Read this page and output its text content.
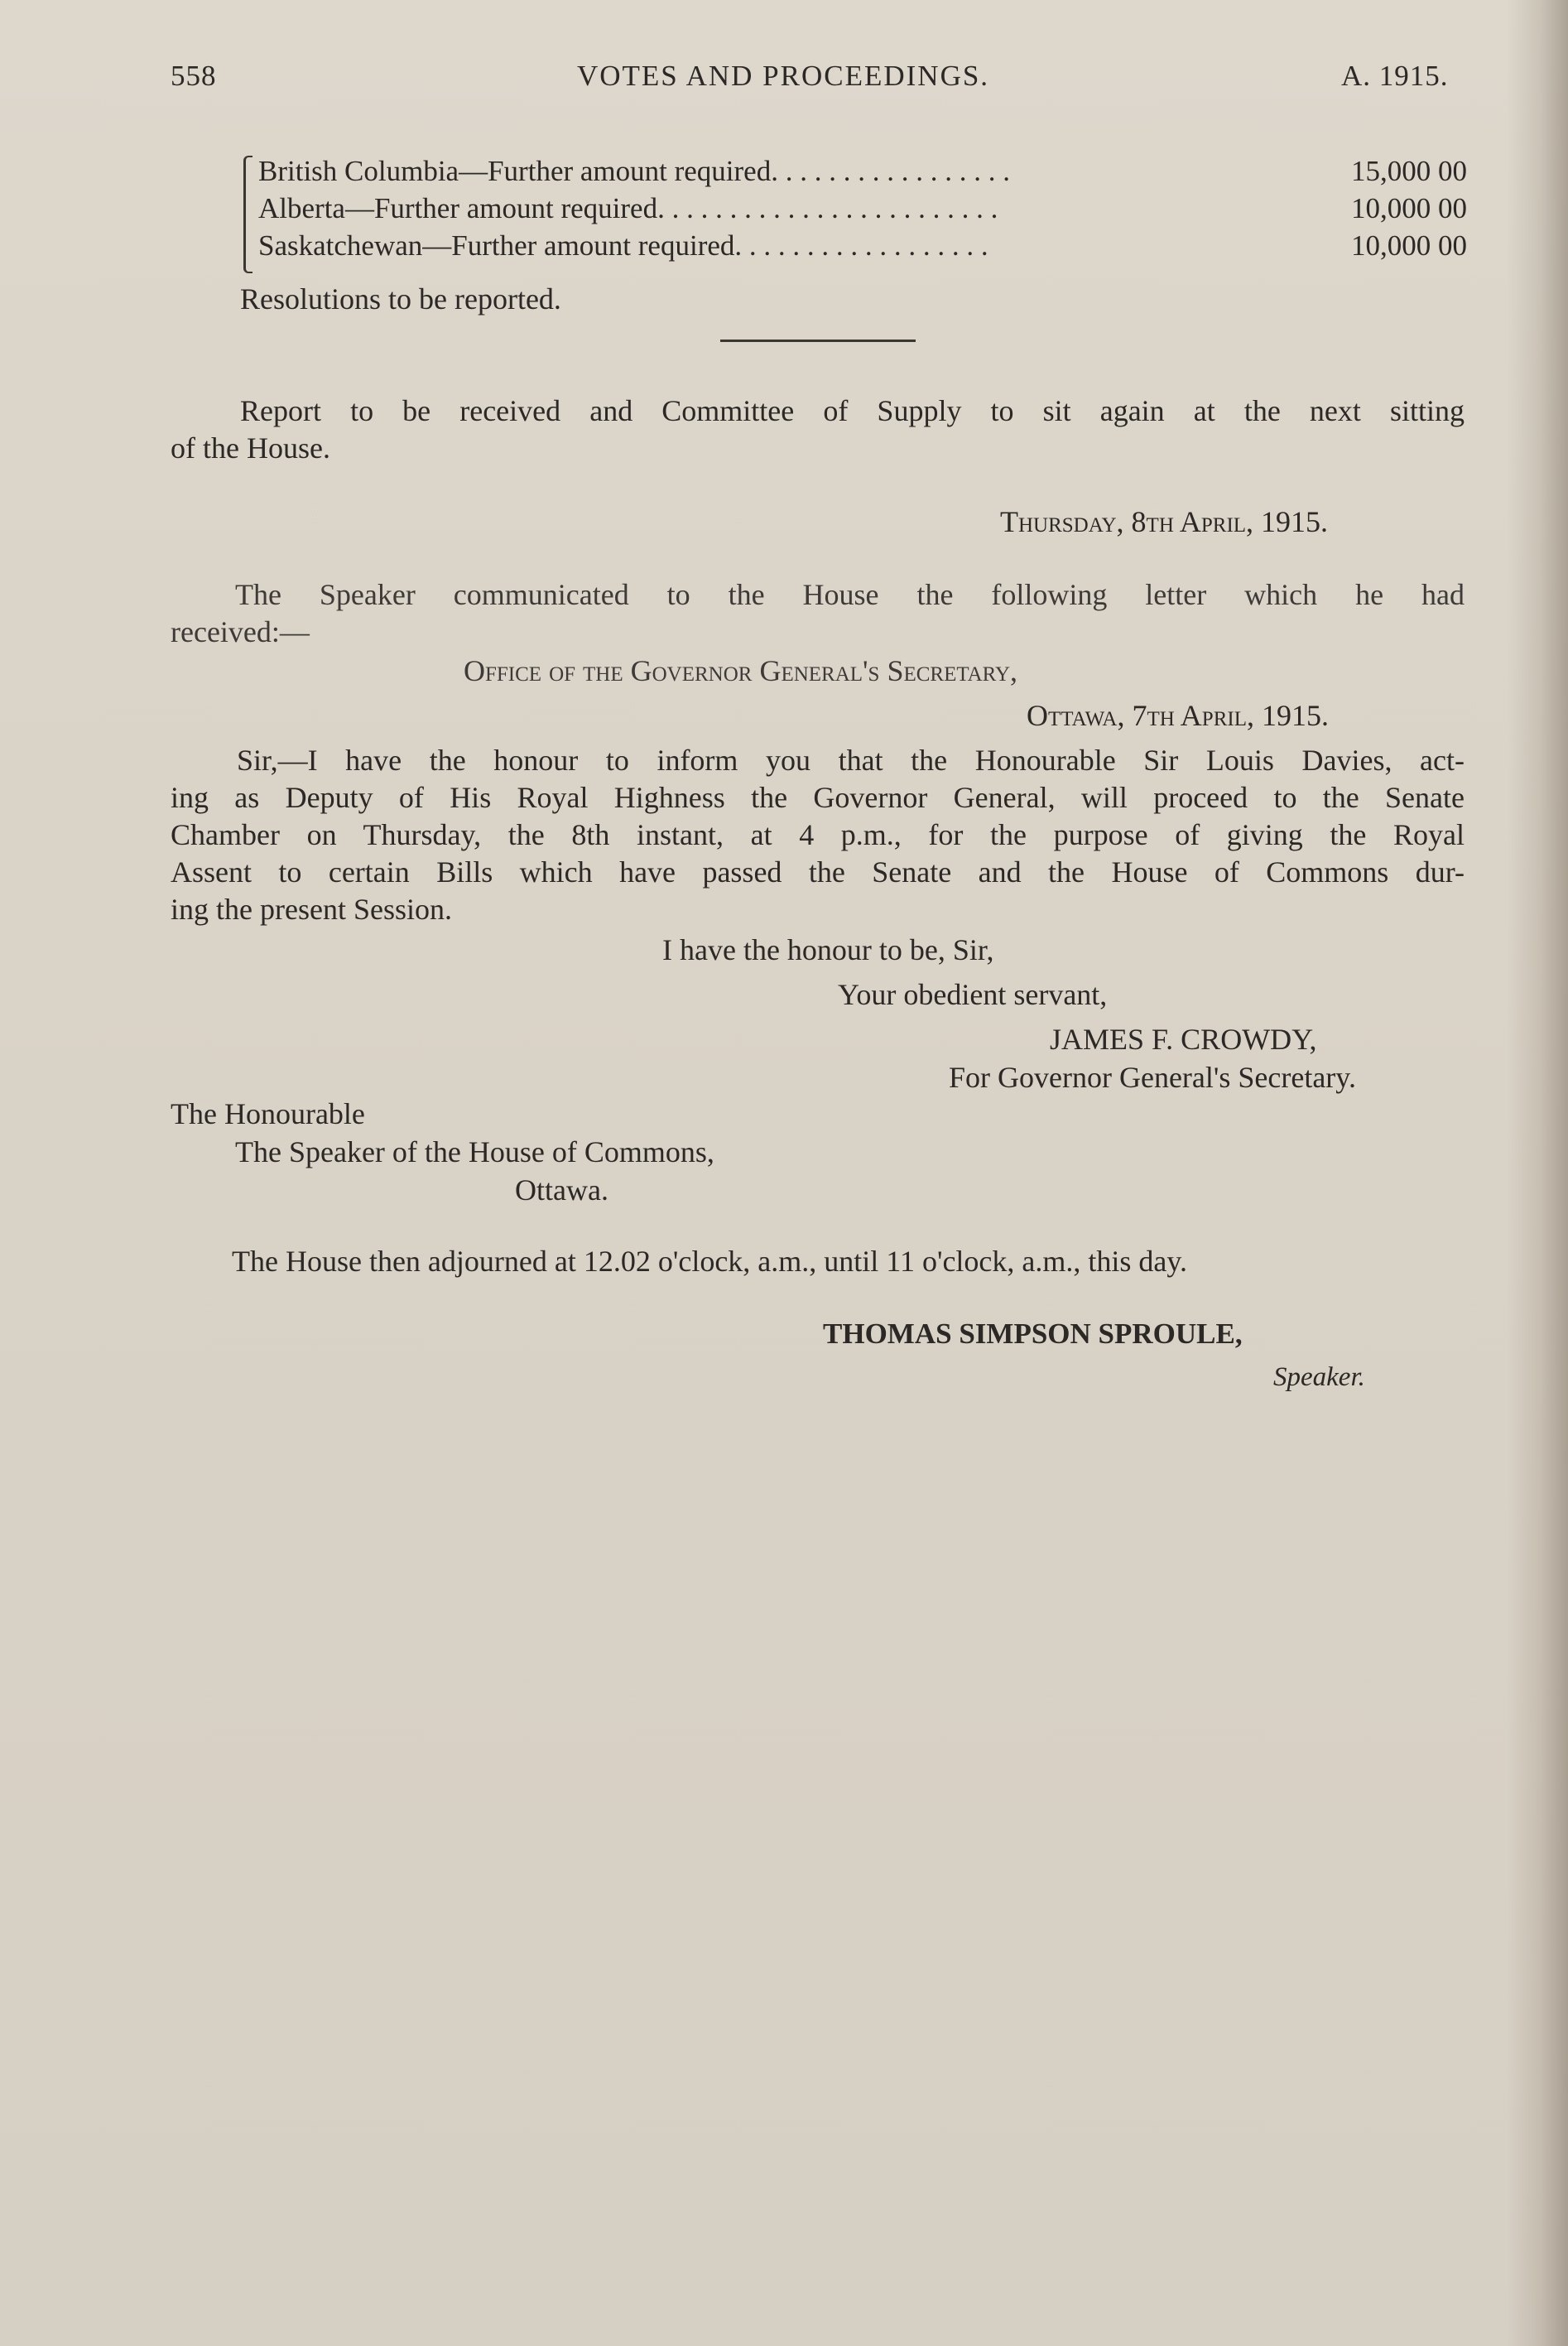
558	VOTES AND PROCEEDINGS.	A. 1915.
British Columbia—Further amount required. . . . . . . . . . . . . . . . .	15,000 00
Alberta—Further amount required. . . . . . . . . . . . . . . . . . . . . . . .	10,000 00
Saskatchewan—Further amount required. . . . . . . . . . . . . . . . . .	10,000 00
Resolutions to be reported.
Report to be received and Committee of Supply to sit again at the next sitting
of the House.
Thursday, 8th April, 1915.
The Speaker communicated to the House the following letter which he had
received:—
Office of the Governor General's Secretary,
Ottawa, 7th April, 1915.
Sir,—I have the honour to inform you that the Honourable Sir Louis Davies, act-
ing as Deputy of His Royal Highness the Governor General, will proceed to the Senate
Chamber on Thursday, the 8th instant, at 4 p.m., for the purpose of giving the Royal
Assent to certain Bills which have passed the Senate and the House of Commons dur-
ing the present Session.
I have the honour to be, Sir,
Your obedient servant,
JAMES F. CROWDY,
For Governor General's Secretary.
The Honourable
The Speaker of the House of Commons,
Ottawa.
The House then adjourned at 12.02 o'clock, a.m., until 11 o'clock, a.m., this day.
THOMAS SIMPSON SPROULE,
Speaker.
